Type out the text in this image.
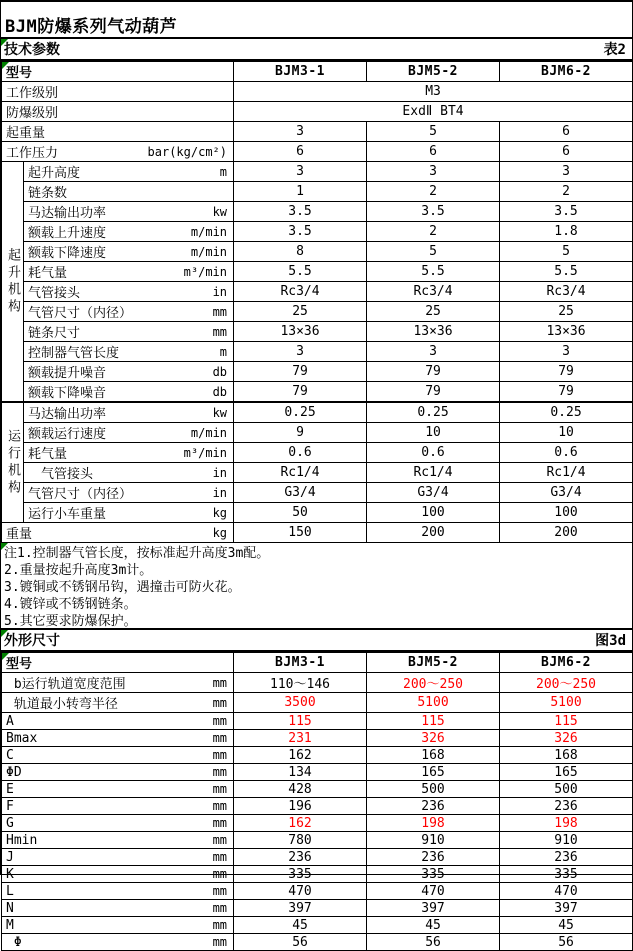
BJM防爆系列气动葫芦
技术参数	表2
型号		BJM3-1	BJM5-2	BJM6-2

工作级别		M3		

防爆级别		ExdⅡ BT4		

起重量		3	5	6

工作压力 bar(kg/cm²)		6	6	6
起升机构	起升高度 m	3	3	3

	链条数	1	2	2

	马达输出功率 kw	3.5	3.5	3.5

	额载上升速度 m/min	3.5	2	1.8

	额载下降速度 m/min	8	5	5

	耗气量 m³/min	5.5	5.5	5.5

	气管接头 in	Rc3/4	Rc3/4	Rc3/4

	气管尺寸（内径） mm	25	25	25

	链条尺寸 mm	13×36	13×36	13×36

	控制器气管长度 m	3	3	3

	额载提升噪音 db	79	79	79

	额载下降噪音 db	79	79	79
运行机构	马达输出功率 kw	0.25	0.25	0.25

	额载运行速度 m/min	9	10	10

	耗气量 m³/min	0.6	0.6	0.6

	　气管接头 in	Rc1/4	Rc1/4	Rc1/4

	气管尺寸（内径） in	G3/4	G3/4	G3/4

	运行小车重量 kg	50	100	100

重量 kg		150	200	200
注1.控制器气管长度，按标准起升高度3m配。
2.重量按起升高度3m计。
3.镀铜或不锈钢吊钩，遇撞击可防火花。
4.镀锌或不锈钢链条。
5.其它要求防爆保护。
外形尺寸	图3d
型号	BJM3-1	BJM5-2	BJM6-2

b运行轨道宽度范围 mm	110～146	200～250	200～250

轨道最小转弯半径 mm	3500	5100	5100

A mm	115	115	115

Bmax mm	231	326	326

C mm	162	168	168

ΦD mm	134	165	165

E mm	428	500	500

F mm	196	236	236

G mm	162	198	198

Hmin mm	780	910	910

J mm	236	236	236

K mm	335	335	335

L mm	470	470	470

N mm	397	397	397

M mm	45	45	45

Φ mm	56	56	56
